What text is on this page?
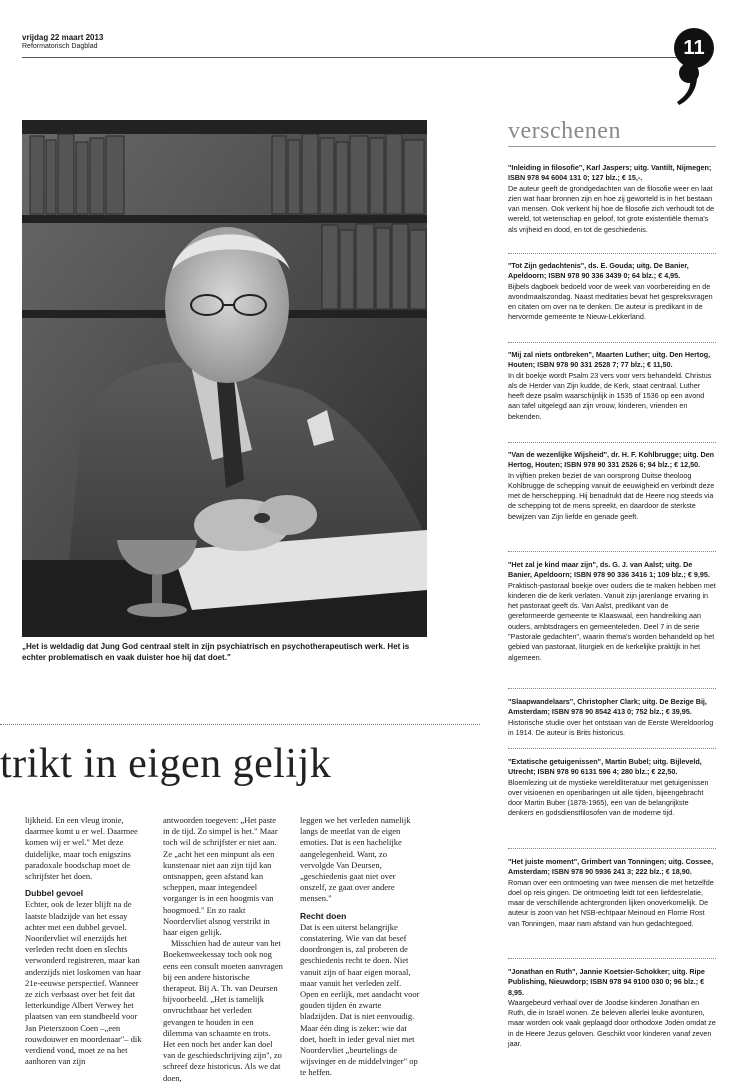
vrijdag 22 maart 2013
Reformatorisch Dagblad	11
„Het is weldadig dat Jung God centraal stelt in zijn psychiatrisch en psychotherapeutisch werk. Het is echter problematisch en vaak duister hoe hij dat doet."
trikt in eigen gelijk

lijkheid. En een vleug ironie, daarmee komt u er wel. Daarmee komen wij er wel." Met deze duidelijke, maar toch enigszins paradoxale boodschap moet de schrijfster het doen.

Dubbel gevoel

Echter, ook de lezer blijft na de laatste bladzijde van het essay achter met een dubbel gevoel. Noordervliet wil enerzijds het verleden recht doen en slechts verwonderd registreren, maar kan anderzijds niet loskomen van haar 21e-eeuwse perspectief. Wanneer ze zich verbaast over het feit dat letterkundige Albert Verwey het plaatsen van een standbeeld voor Jan Pieterszoon Coen –„een rouwdouwer en moordenaar"– dik verdiend vond, moet ze na het aanhoren van zijn

antwoorden toegeven: „Het paste in de tijd. Zo simpel is het." Maar toch wil de schrijfster er niet aan. Ze „acht het een minpunt als een kunstenaar niet aan zijn tijd kan ontsnappen, geen afstand kan scheppen, maar integendeel vorganger is in een hoogmis van hoogmoed." En zo raakt Noordervliet alsnog verstrikt in haar eigen gelijk.

Misschien had de auteur van het Boekenweekessay toch ook nog eens een consult moeten aanvragen bij een andere historische therapeut. Bij A. Th. van Deursen bijvoorbeeld. „Het is tamelijk onvruchtbaar het verleden gevangen te houden in een dilemma van schaamte en trots. Het een noch het ander kan doel van de geschiedschrijving zijn", zo schreef deze historicus. Als we dat doen,

leggen we het verleden namelijk langs de meetlat van de eigen emoties. Dat is een hachelijke aangelegenheid. Want, zo vervolgde Van Deursen, „geschiedenis gaat niet over onszelf, ze gaat over andere mensen."

Recht doen

Dat is een uiterst belangrijke constatering. Wie van dat besef doordrongen is, zal proberen de geschiedenis recht te doen. Niet vanuit zijn of haar eigen moraal, maar vanuit het verleden zelf. Open en eerlijk, met aandacht voor gouden tijden én zwarte bladzijden. Dat is niet eenvoudig. Maar één ding is zeker: wie dat doet, hoeft in ieder geval niet met Noordervliet „beurtelings de wijsvinger en de middelvinger" op te heffen.

verschenen
"Inleiding in filosofie", Karl Jaspers; uitg. Vantilt, Nijmegen; ISBN 978 94 6004 131 0; 127 blz.; € 15,-.
De auteur geeft de grondgedachten van de filosofie weer en laat zien wat haar bronnen zijn en hoe zij geworteld is in het bestaan van mensen. Ook verkent hij hoe de filosofie zich verhoudt tot de wereld, tot wetenschap en geloof, tot grote existentiële thema's als vrijheid en dood, en tot de geschiedenis.
"Tot Zijn gedachtenis", ds. E. Gouda; uitg. De Banier, Apeldoorn; ISBN 978 90 336 3439 0; 64 blz.; € 4,95.
Bijbels dagboek bedoeld voor de week van voorbereiding en de avondmaalszondag. Naast meditaties bevat het gespreksvragen en citaten om over na te denken. De auteur is predikant in de hervormde gemeente te Nieuw-Lekkerland.
"Mij zal niets ontbreken", Maarten Luther; uitg. Den Hertog, Houten; ISBN 978 90 331 2528 7; 77 blz.; € 11,50.
In dit boekje wordt Psalm 23 vers voor vers behandeld. Christus als de Herder van Zijn kudde, de Kerk, staat centraal. Luther heeft deze psalm waarschijnlijk in 1535 of 1536 op een avond aan tafel uitgelegd aan zijn vrouw, kinderen, vrienden en bekenden.
"Van de wezenlijke Wijsheid", dr. H. F. Kohlbrugge; uitg. Den Hertog, Houten; ISBN 978 90 331 2526 6; 94 blz.; € 12,50.
In vijftien preken beziet de van oorsprong Duitse theoloog Kohlbrugge de schepping vanuit de eeuwigheid en verbindt deze met de herschepping. Hij benadrukt dat de Heere nog steeds via de schepping tot de mens spreekt, en daardoor de sterkste bewijzen van Zijn liefde en genade geeft.
"Het zal je kind maar zijn", ds. G. J. van Aalst; uitg. De Banier, Apeldoorn; ISBN 978 90 336 3416 1; 109 blz.; € 9,95.
Praktisch-pastoraal boekje over ouders die te maken hebben met kinderen die de kerk verlaten. Vanuit zijn jarenlange ervaring in het pastoraat geeft ds. Van Aalst, predikant van de gereformeerde gemeente te Klaaswaal, een handreiking aan ouders, ambtsdragers en gemeenteleden. Deel 7 in de serie "Pastorale gedachten", waarin thema's worden behandeld op het gebied van pastoraat, liturgiek en de kerkelijke praktijk in het algemeen.
"Slaapwandelaars", Christopher Clark; uitg. De Bezige Bij, Amsterdam; ISBN 978 90 8542 413 0; 752 blz.; € 39,95.
Historische studie over het ontstaan van de Eerste Wereldoorlog in 1914. De auteur is Brits historicus.
"Extatische getuigenissen", Martin Bubel; uitg. Bijleveld, Utrecht; ISBN 978 90 6131 596 4; 280 blz.; € 22,50.
Bloemlezing uit de mystieke wereldliteratuur met getuigenissen over visioenen en openbaringen uit alle tijden, bijeengebracht door Martin Buber (1878-1965), een van de belangrijkste denkers en godsdienstfilosofen van de moderne tijd.
"Het juiste moment", Grimbert van Tonningen; uitg. Cossee, Amsterdam; ISBN 978 90 5936 241 3; 222 blz.; € 18,90.
Roman over een ontmoeting van twee mensen die met hetzelfde doel op reis gingen. De ontmoeting leidt tot een liefdesrelatie, maar de verschillende achtergronden lijken onoverkomelijk. De auteur is zoon van het NSB-echtpaar Meinoud en Florrie Rost van Tonningen, maar nam afstand van hun gedachtegoed.
"Jonathan en Ruth", Jannie Koetsier-Schokker; uitg. Ripe Publishing, Nieuwdorp; ISBN 978 94 9100 030 0; 96 blz.; € 8,95.
Waargebeurd verhaal over de Joodse kinderen Jonathan en Ruth, die in Israël wonen. Ze beleven allerlei leuke avonturen, maar worden ook vaak geplaagd door orthodoxe Joden omdat ze in de Heere Jezus geloven. Geschikt voor kinderen vanaf zeven jaar.
